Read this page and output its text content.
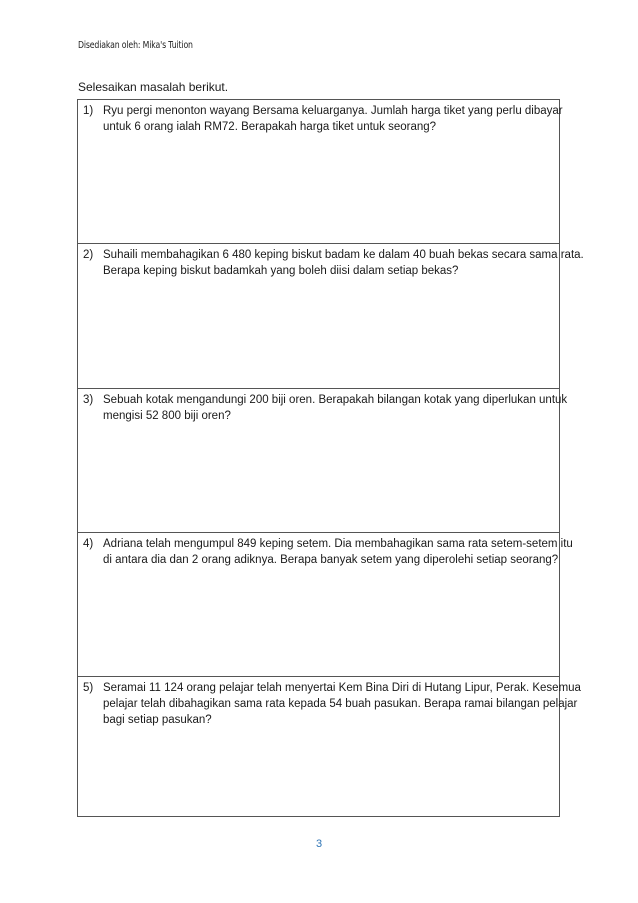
Disediakan oleh: Mika's Tuition
Selesaikan masalah berikut.
1) Ryu pergi menonton wayang Bersama keluarganya. Jumlah harga tiket yang perlu dibayar
untuk 6 orang ialah RM72. Berapakah harga tiket untuk seorang?
2) Suhaili membahagikan 6 480 keping biskut badam ke dalam 40 buah bekas secara sama rata.
Berapa keping biskut badamkah yang boleh diisi dalam setiap bekas?
3) Sebuah kotak mengandungi 200 biji oren. Berapakah bilangan kotak yang diperlukan untuk
mengisi 52 800 biji oren?
4) Adriana telah mengumpul 849 keping setem. Dia membahagikan sama rata setem-setem itu
di antara dia dan 2 orang adiknya. Berapa banyak setem yang diperolehi setiap seorang?
5) Seramai 11 124 orang pelajar telah menyertai Kem Bina Diri di Hutang Lipur, Perak. Kesemua
pelajar telah dibahagikan sama rata kepada 54 buah pasukan. Berapa ramai bilangan pelajar
bagi setiap pasukan?
3
